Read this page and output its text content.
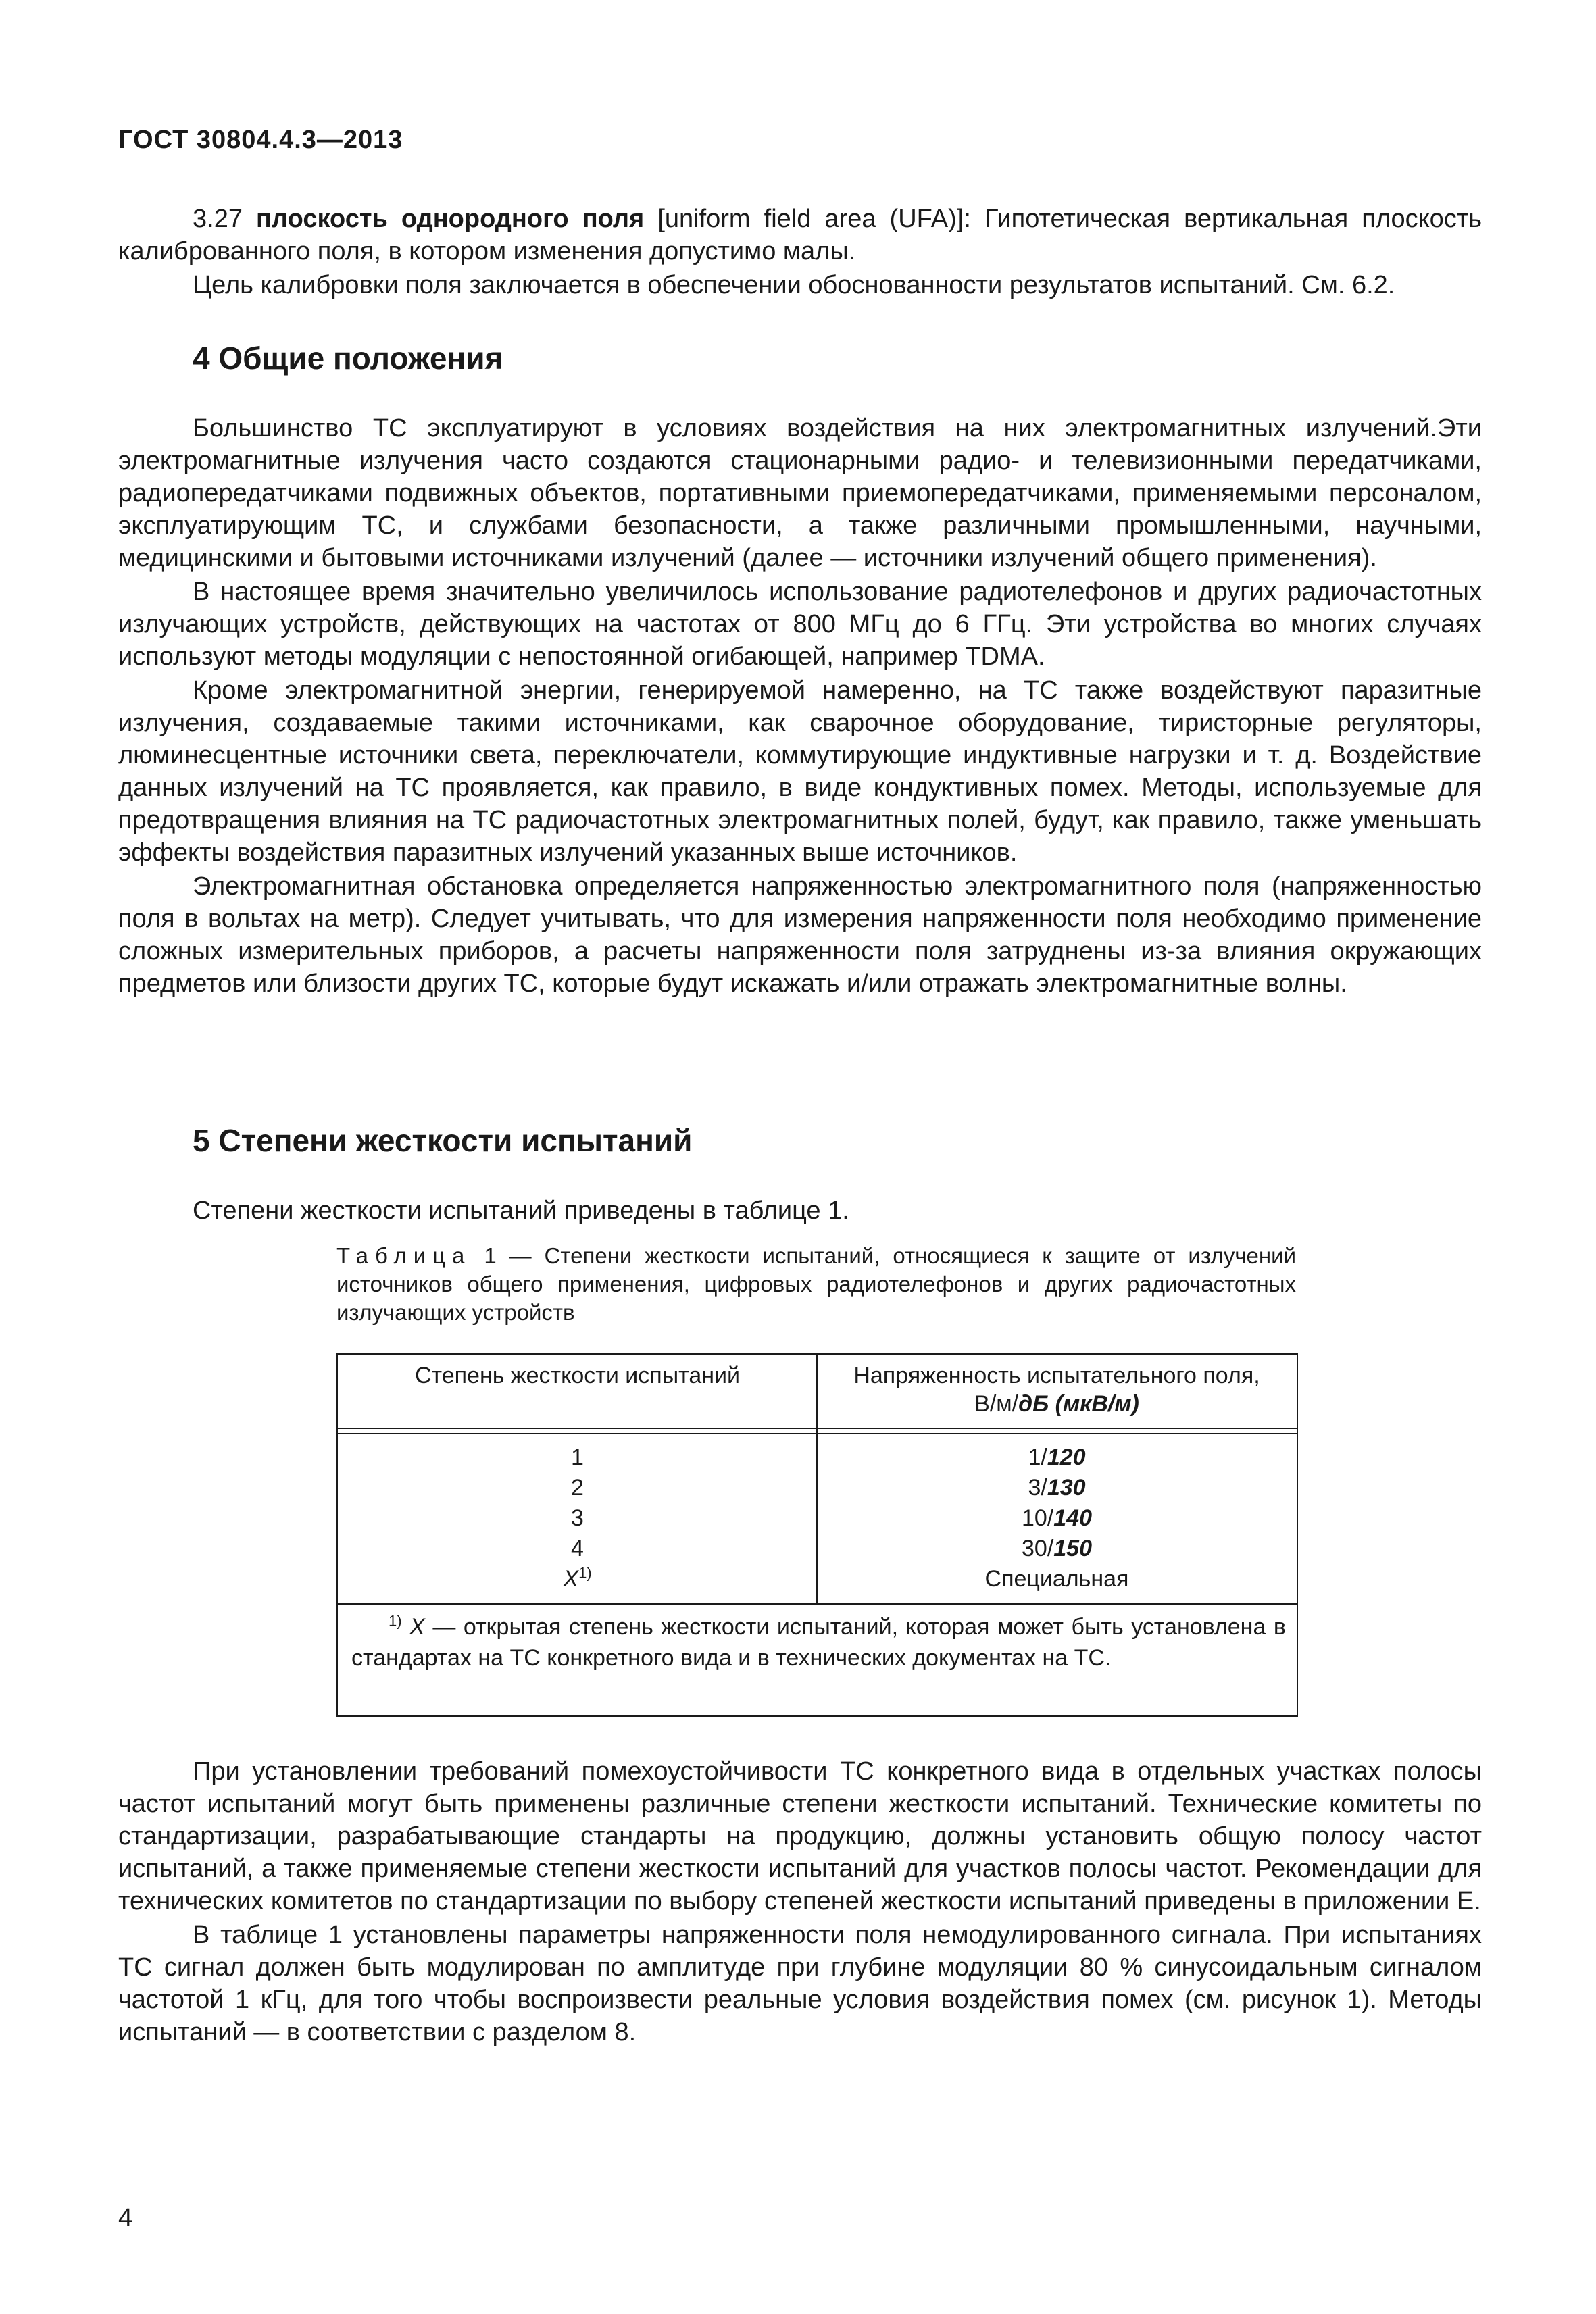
ГОСТ 30804.4.3—2013

3.27 плоскость однородного поля [uniform field area (UFA)]: Гипотетическая вертикальная плоскость калиброванного поля, в котором изменения допустимо малы.

Цель калибровки поля заключается в обеспечении обоснованности результатов испытаний. См. 6.2.

4 Общие положения

Большинство ТС эксплуатируют в условиях воздействия на них электромагнитных излучений.Эти электромагнитные излучения часто создаются стационарными радио- и телевизионными передатчиками, радиопередатчиками подвижных объектов, портативными приемопередатчиками, применяемыми персоналом, эксплуатирующим ТС, и службами безопасности, а также различными промышленными, научными, медицинскими и бытовыми источниками излучений (далее — источники излучений общего применения).

В настоящее время значительно увеличилось использование радиотелефонов и других радиочастотных излучающих устройств, действующих на частотах от 800 МГц до 6 ГГц. Эти устройства во многих случаях используют методы модуляции с непостоянной огибающей, например TDMA.

Кроме электромагнитной энергии, генерируемой намеренно, на ТС также воздействуют паразитные излучения, создаваемые такими источниками, как сварочное оборудование, тиристорные регуляторы, люминесцентные источники света, переключатели, коммутирующие индуктивные нагрузки и т. д. Воздействие данных излучений на ТС проявляется, как правило, в виде кондуктивных помех. Методы, используемые для предотвращения влияния на ТС радиочастотных электромагнитных полей, будут, как правило, также уменьшать эффекты воздействия паразитных излучений указанных выше источников.

Электромагнитная обстановка определяется напряженностью электромагнитного поля (напряженностью поля в вольтах на метр). Следует учитывать, что для измерения напряженности поля необходимо применение сложных измерительных приборов, а расчеты напряженности поля затруднены из-за влияния окружающих предметов или близости других ТС, которые будут искажать и/или отражать электромагнитные волны.

5 Степени жесткости испытаний

Степени жесткости испытаний приведены в таблице 1.

Таблица 1 — Степени жесткости испытаний, относящиеся к защите от излучений источников общего применения, цифровых радиотелефонов и других радиочастотных излучающих устройств
Степень жесткости испытаний	Напряженность испытательного поля,
В/м/дБ (мкВ/м)
1
2
3
4
$X^{1)}$
1/120
3/130
10/140
30/150
Специальная
$^{1)}$ X — открытая степень жесткости испытаний, которая может быть установлена в стандартах на ТС конкретного вида и в технических документах на ТС.

При установлении требований помехоустойчивости ТС конкретного вида в отдельных участках полосы частот испытаний могут быть применены различные степени жесткости испытаний. Технические комитеты по стандартизации, разрабатывающие стандарты на продукцию, должны установить общую полосу частот испытаний, а также применяемые степени жесткости испытаний для участков полосы частот. Рекомендации для технических комитетов по стандартизации по выбору степеней жесткости испытаний приведены в приложении Е.

В таблице 1 установлены параметры напряженности поля немодулированного сигнала. При испытаниях ТС сигнал должен быть модулирован по амплитуде при глубине модуляции 80 % синусоидальным сигналом частотой 1 кГц, для того чтобы воспроизвести реальные условия воздействия помех (см. рисунок 1). Методы испытаний — в соответствии с разделом 8.

4
